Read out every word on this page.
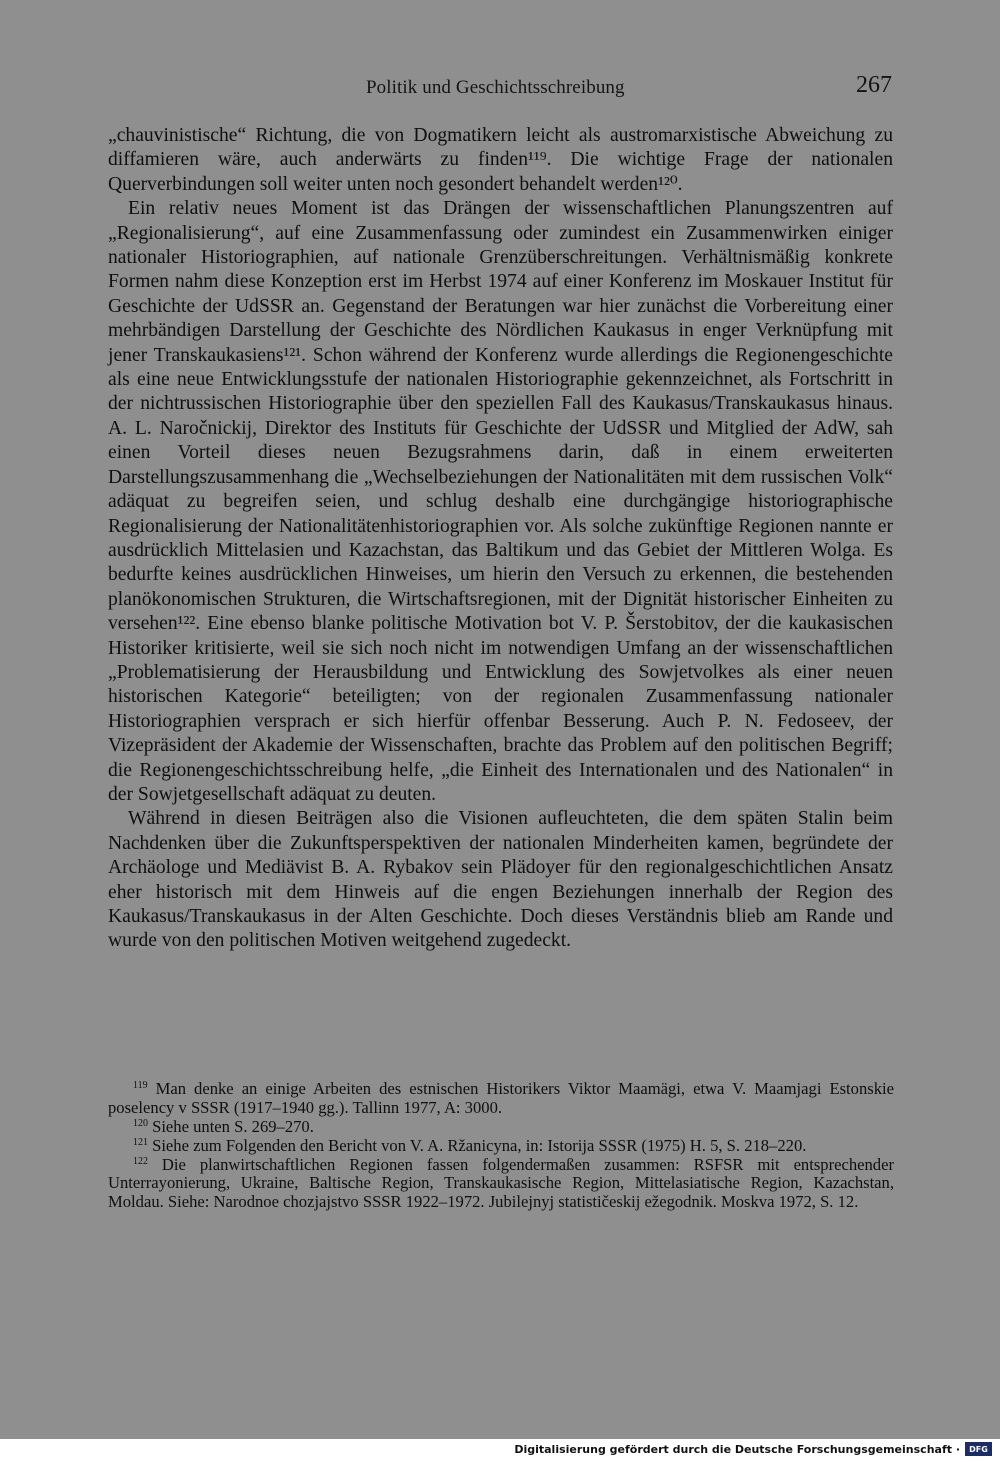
Politik und Geschichtsschreibung	267

„chauvinistische“ Richtung, die von Dogmatikern leicht als austromarxistische Abweichung zu diffamieren wäre, auch anderwärts zu finden¹¹⁹. Die wichtige Frage der nationalen Querverbindungen soll weiter unten noch gesondert behandelt werden¹²⁰.

Ein relativ neues Moment ist das Drängen der wissenschaftlichen Planungszentren auf „Regionalisierung“, auf eine Zusammenfassung oder zumindest ein Zusammenwirken einiger nationaler Historiographien, auf nationale Grenzüberschreitungen. Verhältnismäßig konkrete Formen nahm diese Konzeption erst im Herbst 1974 auf einer Konferenz im Moskauer Institut für Geschichte der UdSSR an. Gegenstand der Beratungen war hier zunächst die Vorbereitung einer mehrbändigen Darstellung der Geschichte des Nördlichen Kaukasus in enger Verknüpfung mit jener Transkaukasiens¹²¹. Schon während der Konferenz wurde allerdings die Regionengeschichte als eine neue Entwicklungsstufe der nationalen Historiographie gekennzeichnet, als Fortschritt in der nichtrussischen Historiographie über den speziellen Fall des Kaukasus/Transkaukasus hinaus. A. L. Naročnickij, Direktor des Instituts für Geschichte der UdSSR und Mitglied der AdW, sah einen Vorteil dieses neuen Bezugsrahmens darin, daß in einem erweiterten Darstellungszusammenhang die „Wechselbeziehungen der Nationalitäten mit dem russischen Volk“ adäquat zu begreifen seien, und schlug deshalb eine durchgängige historiographische Regionalisierung der Nationalitätenhistoriographien vor. Als solche zukünftige Regionen nannte er ausdrücklich Mittelasien und Kazachstan, das Baltikum und das Gebiet der Mittleren Wolga. Es bedurfte keines ausdrücklichen Hinweises, um hierin den Versuch zu erkennen, die bestehenden planökonomischen Strukturen, die Wirtschaftsregionen, mit der Dignität historischer Einheiten zu versehen¹²². Eine ebenso blanke politische Motivation bot V. P. Šerstobitov, der die kaukasischen Historiker kritisierte, weil sie sich noch nicht im notwendigen Umfang an der wissenschaftlichen „Problematisierung der Herausbildung und Entwicklung des Sowjetvolkes als einer neuen historischen Kategorie“ beteiligten; von der regionalen Zusammenfassung nationaler Historiographien versprach er sich hierfür offenbar Besserung. Auch P. N. Fedoseev, der Vizepräsident der Akademie der Wissenschaften, brachte das Problem auf den politischen Begriff; die Regionengeschichtsschreibung helfe, „die Einheit des Internationalen und des Nationalen“ in der Sowjetgesellschaft adäquat zu deuten.

Während in diesen Beiträgen also die Visionen aufleuchteten, die dem späten Stalin beim Nachdenken über die Zukunftsperspektiven der nationalen Minderheiten kamen, begründete der Archäologe und Mediävist B. A. Rybakov sein Plädoyer für den regionalgeschichtlichen Ansatz eher historisch mit dem Hinweis auf die engen Beziehungen innerhalb der Region des Kaukasus/Transkaukasus in der Alten Geschichte. Doch dieses Verständnis blieb am Rande und wurde von den politischen Motiven weitgehend zugedeckt.

$^{119}$ Man denke an einige Arbeiten des estnischen Historikers Viktor Maamägi, etwa V. Maamjagi Estonskie poselency v SSSR (1917–1940 gg.). Tallinn 1977, A: 3000.

$^{120}$ Siehe unten S. 269–270.

$^{121}$ Siehe zum Folgenden den Bericht von V. A. Ržanicyna, in: Istorija SSSR (1975) H. 5, S. 218–220.

$^{122}$ Die planwirtschaftlichen Regionen fassen folgendermaßen zusammen: RSFSR mit entsprechender Unterrayonierung, Ukraine, Baltische Region, Transkaukasische Region, Mittelasiatische Region, Kazachstan, Moldau. Siehe: Narodnoe chozjajstvo SSSR 1922–1972. Jubilejnyj statističeskij ežegodnik. Moskva 1972, S. 12.

Digitalisierung gefördert durch die Deutsche Forschungsgemeinschaft ·	DFG
